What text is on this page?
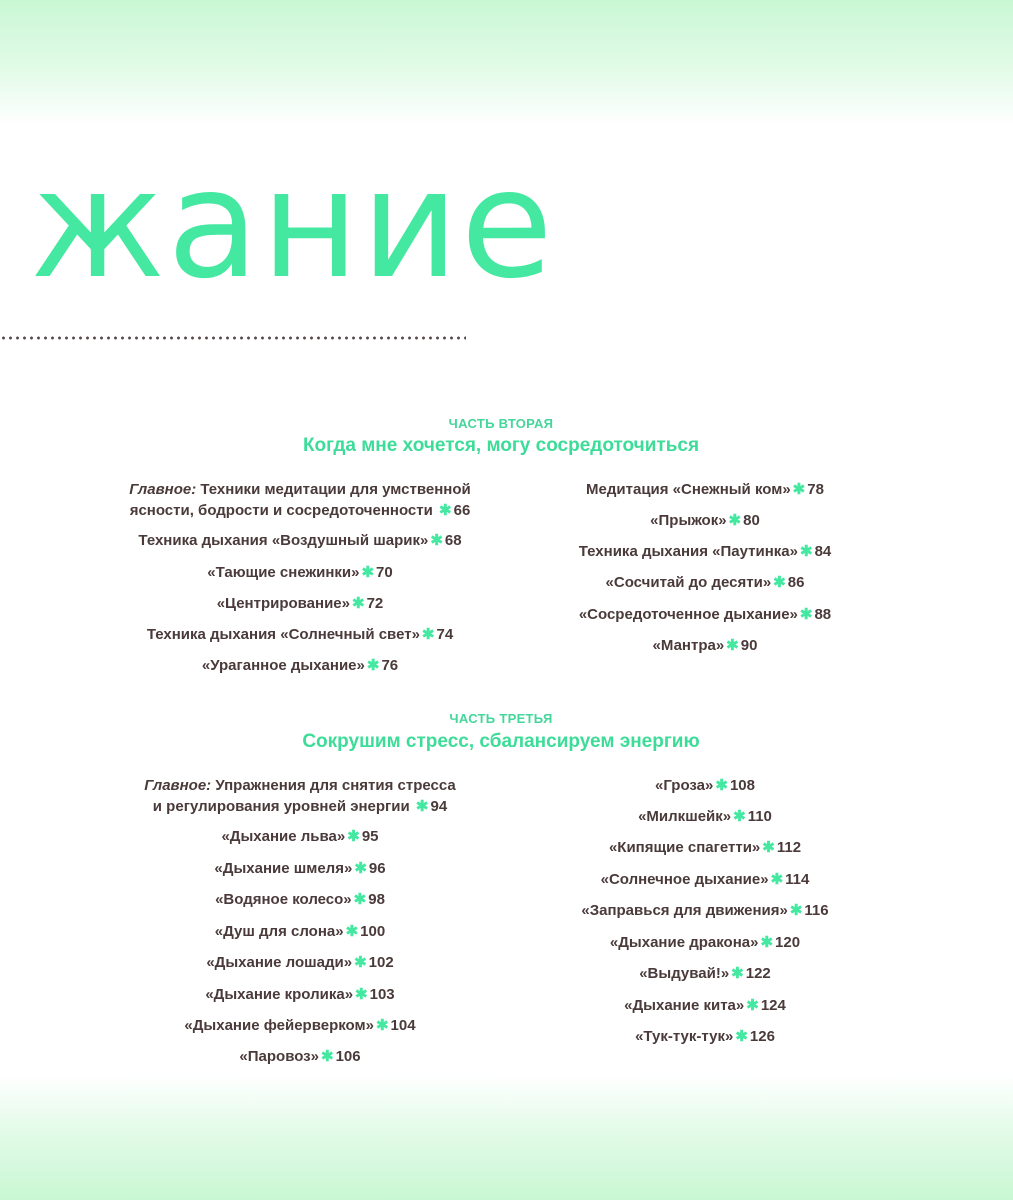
жание
ЧАСТЬ ВТОРАЯ
Когда мне хочется, могу сосредоточиться
Главное: Техники медитации для умственной
ясности, бодрости и сосредоточенности ✱ 66
Техника дыхания «Воздушный шарик» ✱ 68
«Тающие снежинки» ✱ 70
«Центрирование» ✱ 72
Техника дыхания «Солнечный свет» ✱ 74
«Ураганное дыхание» ✱ 76
Медитация «Снежный ком» ✱ 78
«Прыжок» ✱ 80
Техника дыхания «Паутинка» ✱ 84
«Сосчитай до десяти» ✱ 86
«Сосредоточенное дыхание» ✱ 88
«Мантра» ✱ 90
ЧАСТЬ ТРЕТЬЯ
Сокрушим стресс, сбалансируем энергию
Главное: Упражнения для снятия стресса
и регулирования уровней энергии ✱ 94
«Дыхание льва» ✱ 95
«Дыхание шмеля» ✱ 96
«Водяное колесо» ✱ 98
«Душ для слона» ✱ 100
«Дыхание лошади» ✱ 102
«Дыхание кролика» ✱ 103
«Дыхание фейерверком» ✱ 104
«Паровоз» ✱ 106
«Гроза» ✱ 108
«Милкшейк» ✱ 110
«Кипящие спагетти» ✱ 112
«Солнечное дыхание» ✱ 114
«Заправься для движения» ✱ 116
«Дыхание дракона» ✱ 120
«Выдувай!» ✱ 122
«Дыхание кита» ✱ 124
«Тук-тук-тук» ✱ 126
